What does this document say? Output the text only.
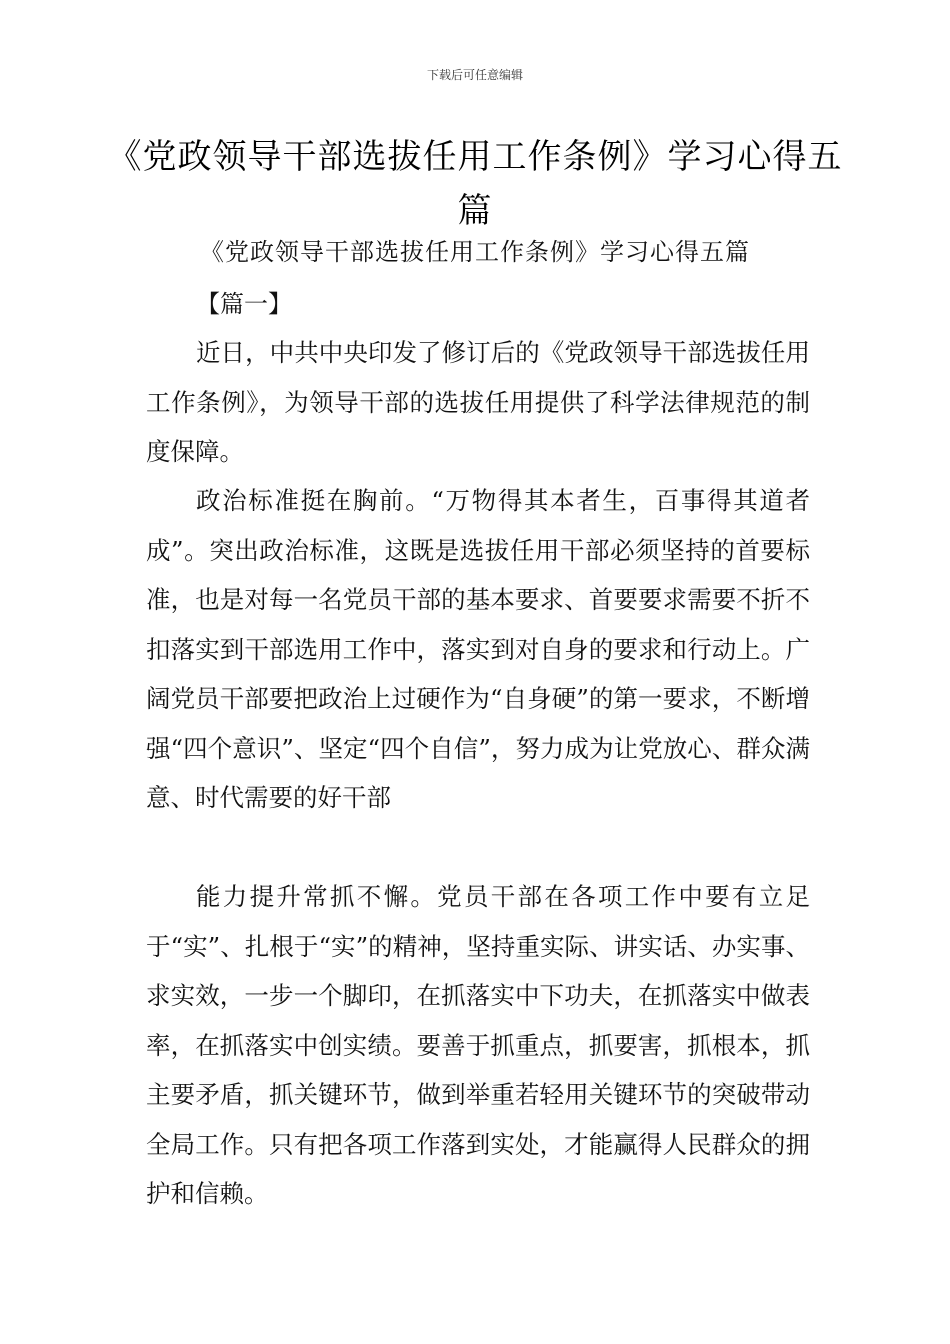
下载后可任意编辑
《党政领导干部选拔任用工作条例》学习心得五篇
《党政领导干部选拔任用工作条例》学习心得五篇
【篇一】

近日，中共中央印发了修订后的《党政领导干部选拔任用工作条例》，为领导干部的选拔任用提供了科学法律规范的制度保障。

政治标准挺在胸前。“万物得其本者生，百事得其道者成”。突出政治标准，这既是选拔任用干部必须坚持的首要标准，也是对每一名党员干部的基本要求、首要要求需要不折不扣落实到干部选用工作中，落实到对自身的要求和行动上。广阔党员干部要把政治上过硬作为“自身硬”的第一要求，不断增强“四个意识”、坚定“四个自信”，努力成为让党放心、群众满意、时代需要的好干部

能力提升常抓不懈。党员干部在各项工作中要有立足于“实”、扎根于“实”的精神，坚持重实际、讲实话、办实事、求实效，一步一个脚印，在抓落实中下功夫，在抓落实中做表率，在抓落实中创实绩。要善于抓重点，抓要害，抓根本，抓主要矛盾，抓关键环节，做到举重若轻用关键环节的突破带动全局工作。只有把各项工作落到实处，才能赢得人民群众的拥护和信赖。
